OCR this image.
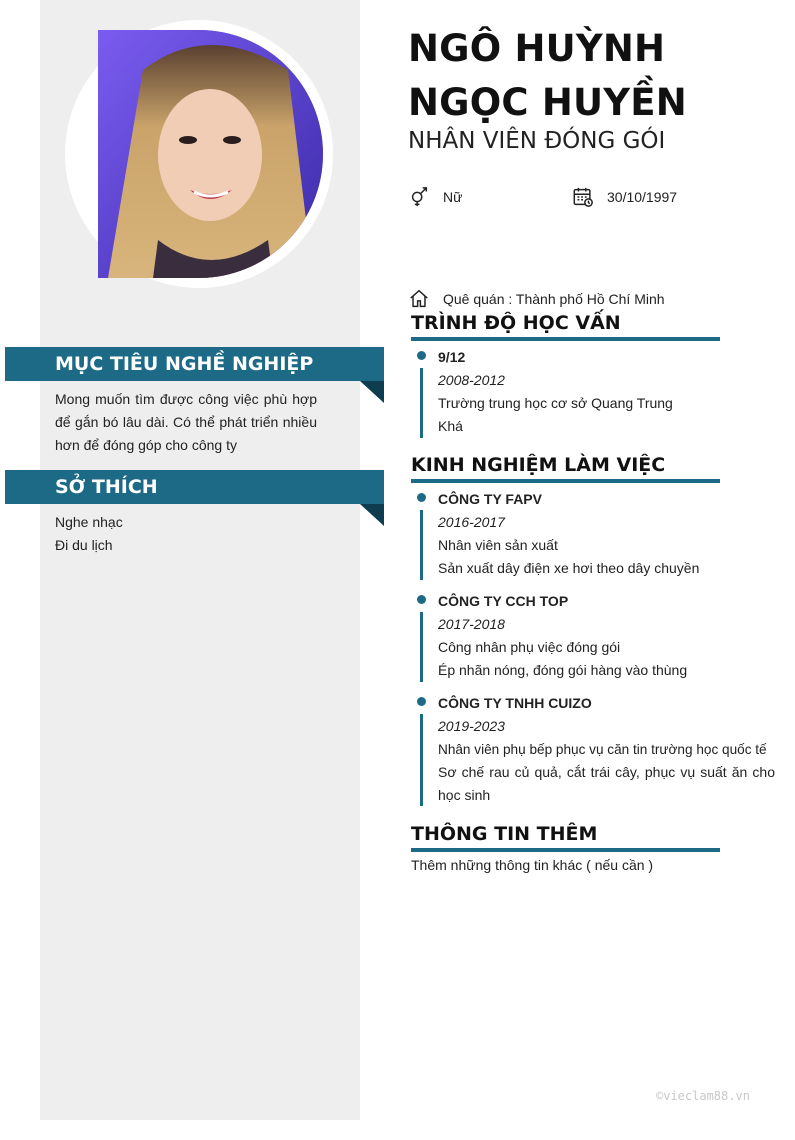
MỤC TIÊU NGHỀ NGHIỆP
Mong muốn tìm được công việc phù hợp để gắn bó lâu dài. Có thể phát triển nhiều hơn để đóng góp cho công ty
SỞ THÍCH
Nghe nhạc
Đi du lịch
NGÔ HUỲNH NGỌC HUYỀN
NHÂN VIÊN ĐÓNG GÓI
Nữ	30/10/1997
Quê quán : Thành phố Hồ Chí Minh
TRÌNH ĐỘ HỌC VẤN
9/12
2008-2012
Trường trung học cơ sở Quang Trung
Khá
KINH NGHIỆM LÀM VIỆC
CÔNG TY FAPV
2016-2017
Nhân viên sản xuất
Sản xuất dây điện xe hơi theo dây chuyền
CÔNG TY CCH TOP
2017-2018
Công nhân phụ việc đóng gói
Ép nhãn nóng, đóng gói hàng vào thùng
CÔNG TY TNHH CUIZO
2019-2023
Nhân viên phụ bếp phục vụ căn tin trường học quốc tế
Sơ chế rau củ quả, cắt trái cây, phục vụ suất ăn cho học sinh
THÔNG TIN THÊM
Thêm những thông tin khác ( nếu cần )
©vieclam88.vn
